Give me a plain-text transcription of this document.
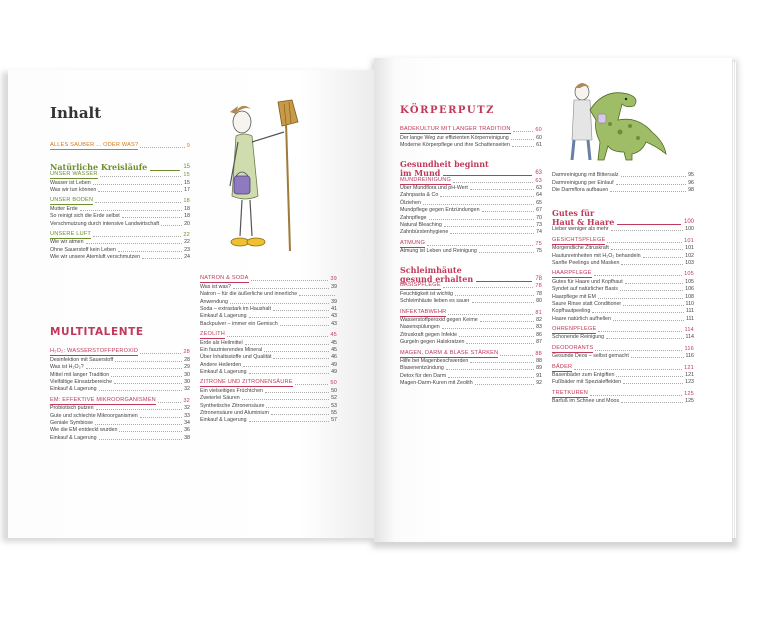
Inhalt
ALLES SAUBER ... ODER WAS?	9
Natürliche Kreisläufe	15
UNSER WASSER	15
Wasser ist Leben	15
Was wir tun können	17
UNSER BODEN	18
Mutter Erde	18
So reinigt sich die Erde selbst	18
Verschmutzung durch intensive Landwirtschaft	20
UNSERE LUFT	22
Wie wir atmen	22
Ohne Sauerstoff kein Leben	23
Wie wir unsere Atemluft verschmutzen	24
MULTITALENTE
H₂O₂: WASSERSTOFFPEROXID	28
Desinfektion mit Sauerstoff	28
Was ist H₂O₂?	29
Mittel mit langer Tradition	30
Vielfältige Einsatzbereiche	30
Einkauf & Lagerung	32
EM: EFFEKTIVE MIKROORGANISMEN	32
Probiotisch putzen	32
Gute und schlechte Mikroorganismen	33
Geniale Symbiose	34
Wie die EM entdeckt wurden	36
Einkauf & Lagerung	38
NATRON & SODA	39
Was ist was?	39
Natron – für die äußerliche und innerliche
Anwendung	39
Soda – extrastark im Haushalt	41
Einkauf & Lagerung	43
Backpulver – immer ein Gemisch	43
ZEOLITH	45
Erde als Heilmittel	45
Ein faszinierendes Mineral	45
Über Inhaltsstoffe und Qualität	46
Andere Heilerden	49
Einkauf & Lagerung	49
ZITRONE UND ZITRONENSÄURE	50
Ein vielseitiges Früchtchen	50
Zweierlei Säuren	52
Synthetische Zitronensäure	53
Zitronensäure und Aluminium	55
Einkauf & Lagerung	57
KÖRPERPUTZ
BADEKULTUR MIT LANGER TRADITION	60
Der lange Weg zur effizienten Körperreinigung	60
Moderne Körperpflege und ihre Schattenseiten	61
Gesundheit beginnt
im Mund	63
MUNDREINIGUNG	63
Über Mundflora und pH-Wert	63
Zahnpasta & Co	64
Ölziehen	65
Mundpflege gegen Entzündungen	67
Zahnpflege	70
Natural Bleaching	73
Zahnbürstenhygiene	74
ATMUNG	75
Atmung ist Leben und Reinigung	75
Schleimhäute
gesund erhalten	78
BASISPFLEGE	78
Feuchtigkeit ist wichtig	78
Schleimhäute lieben es sauer	80
INFEKTABWEHR	81
Wasserstoffperoxid gegen Keime	82
Nasenspülungen	83
Zitruskraft gegen Infekte	86
Gurgeln gegen Halskratzen	87
MAGEN, DARM & BLASE STÄRKEN	88
Hilfe bei Magenbeschwerden	88
Blasenentzündung	89
Detox für den Darm	91
Magen-Darm-Kuren mit Zeolith	92
Darmreinigung mit Bittersalz	95
Darmreinigung per Einlauf	96
Die Darmflora aufbauen	98
Gutes für
Haut & Haare	100
Lieber weniger als mehr	100
GESICHTSPFLEGE	101
Morgendliche Zitruskraft	101
Hautunreinheiten mit H₂O₂ behandeln	102
Sanfte Peelings und Masken	103
HAARPFLEGE	105
Gutes für Haare und Kopfhaut	105
Syndet auf natürlicher Basis	106
Haarpflege mit EM	108
Saure Rinse statt Conditioner	110
Kopfhautpeeling	111
Haare natürlich aufhellen	111
OHRENPFLEGE	114
Schonende Reinigung	114
DEODORANTS	116
Gesunde Deos – selbst gemacht	116
BÄDER	121
Basenbäder zum Entgiften	121
Fußbäder mit Spezialeffekten	123
TRETKUREN	125
Barfuß im Schnee und Moos	125
